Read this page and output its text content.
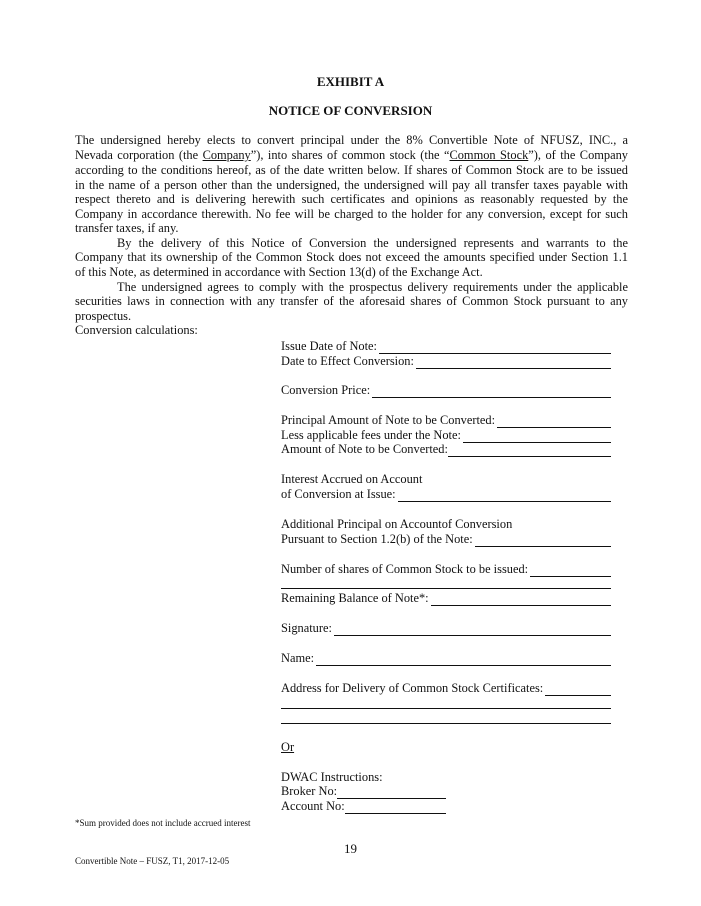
EXHIBIT A
NOTICE OF CONVERSION
The undersigned hereby elects to convert principal under the 8% Convertible Note of NFUSZ, INC., a
Nevada corporation (the Company”), into shares of common stock (the “Common Stock”), of the Company
according to the conditions hereof, as of the date written below. If shares of Common Stock are to be issued
in the name of a person other than the undersigned, the undersigned will pay all transfer taxes payable with
respect thereto and is delivering herewith such certificates and opinions as reasonably requested by the
Company in accordance therewith. No fee will be charged to the holder for any conversion, except for such
transfer taxes, if any.
By the delivery of this Notice of Conversion the undersigned represents and warrants to the
Company that its ownership of the Common Stock does not exceed the amounts specified under Section 1.1
of this Note, as determined in accordance with Section 13(d) of the Exchange Act.
The undersigned agrees to comply with the prospectus delivery requirements under the applicable
securities laws in connection with any transfer of the aforesaid shares of Common Stock pursuant to any
prospectus.
Conversion calculations:
Issue Date of Note:
Date to Effect Conversion:
Conversion Price:
Principal Amount of Note to be Converted:
Less applicable fees under the Note:
Amount of Note to be Converted:
Interest Accrued on Account
of Conversion at Issue:
Additional Principal on Accountof Conversion
Pursuant to Section 1.2(b) of the Note:
Number of shares of Common Stock to be issued:
Remaining Balance of Note*:
Signature:
Name:
Address for Delivery of Common Stock Certificates:
Or
DWAC Instructions:
Broker No:
Account No:
*Sum provided does not include accrued interest
19
Convertible Note – FUSZ, T1, 2017-12-05
